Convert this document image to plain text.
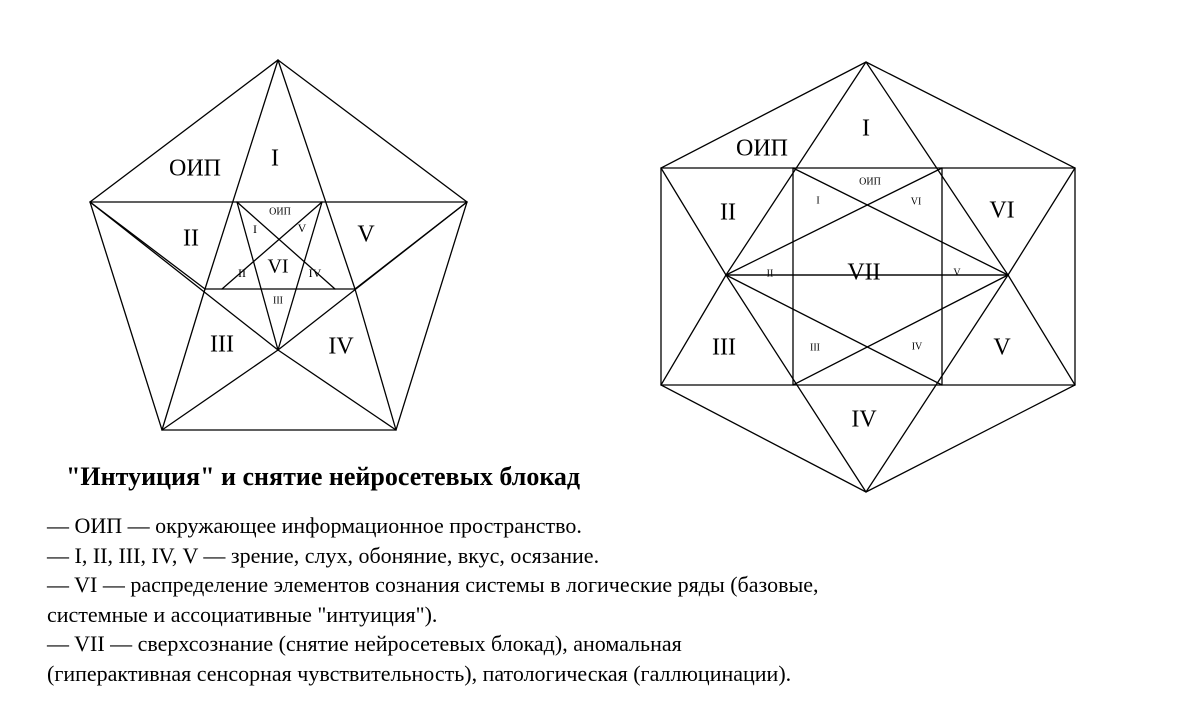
ОИП I
II	V
III	IV
VI
ОИП
I	V
II	IV
III
ОИП
I
II	VI
III	V
IV
VII
ОИП
I	VI
II	V
III	IV
"Интуиция" и снятие нейросетевых блокад

— ОИП — окружающее информационное пространство.

— I, II, III, IV, V — зрение, слух, обоняние, вкус, осязание.

— VI — распределение элементов сознания системы в логические ряды (базовые, системные и ассоциативные "интуиция").

— VII — сверхсознание (снятие нейросетевых блокад), аномальная (гиперактивная сенсорная чувствительность), патологическая (галлюцинации).
